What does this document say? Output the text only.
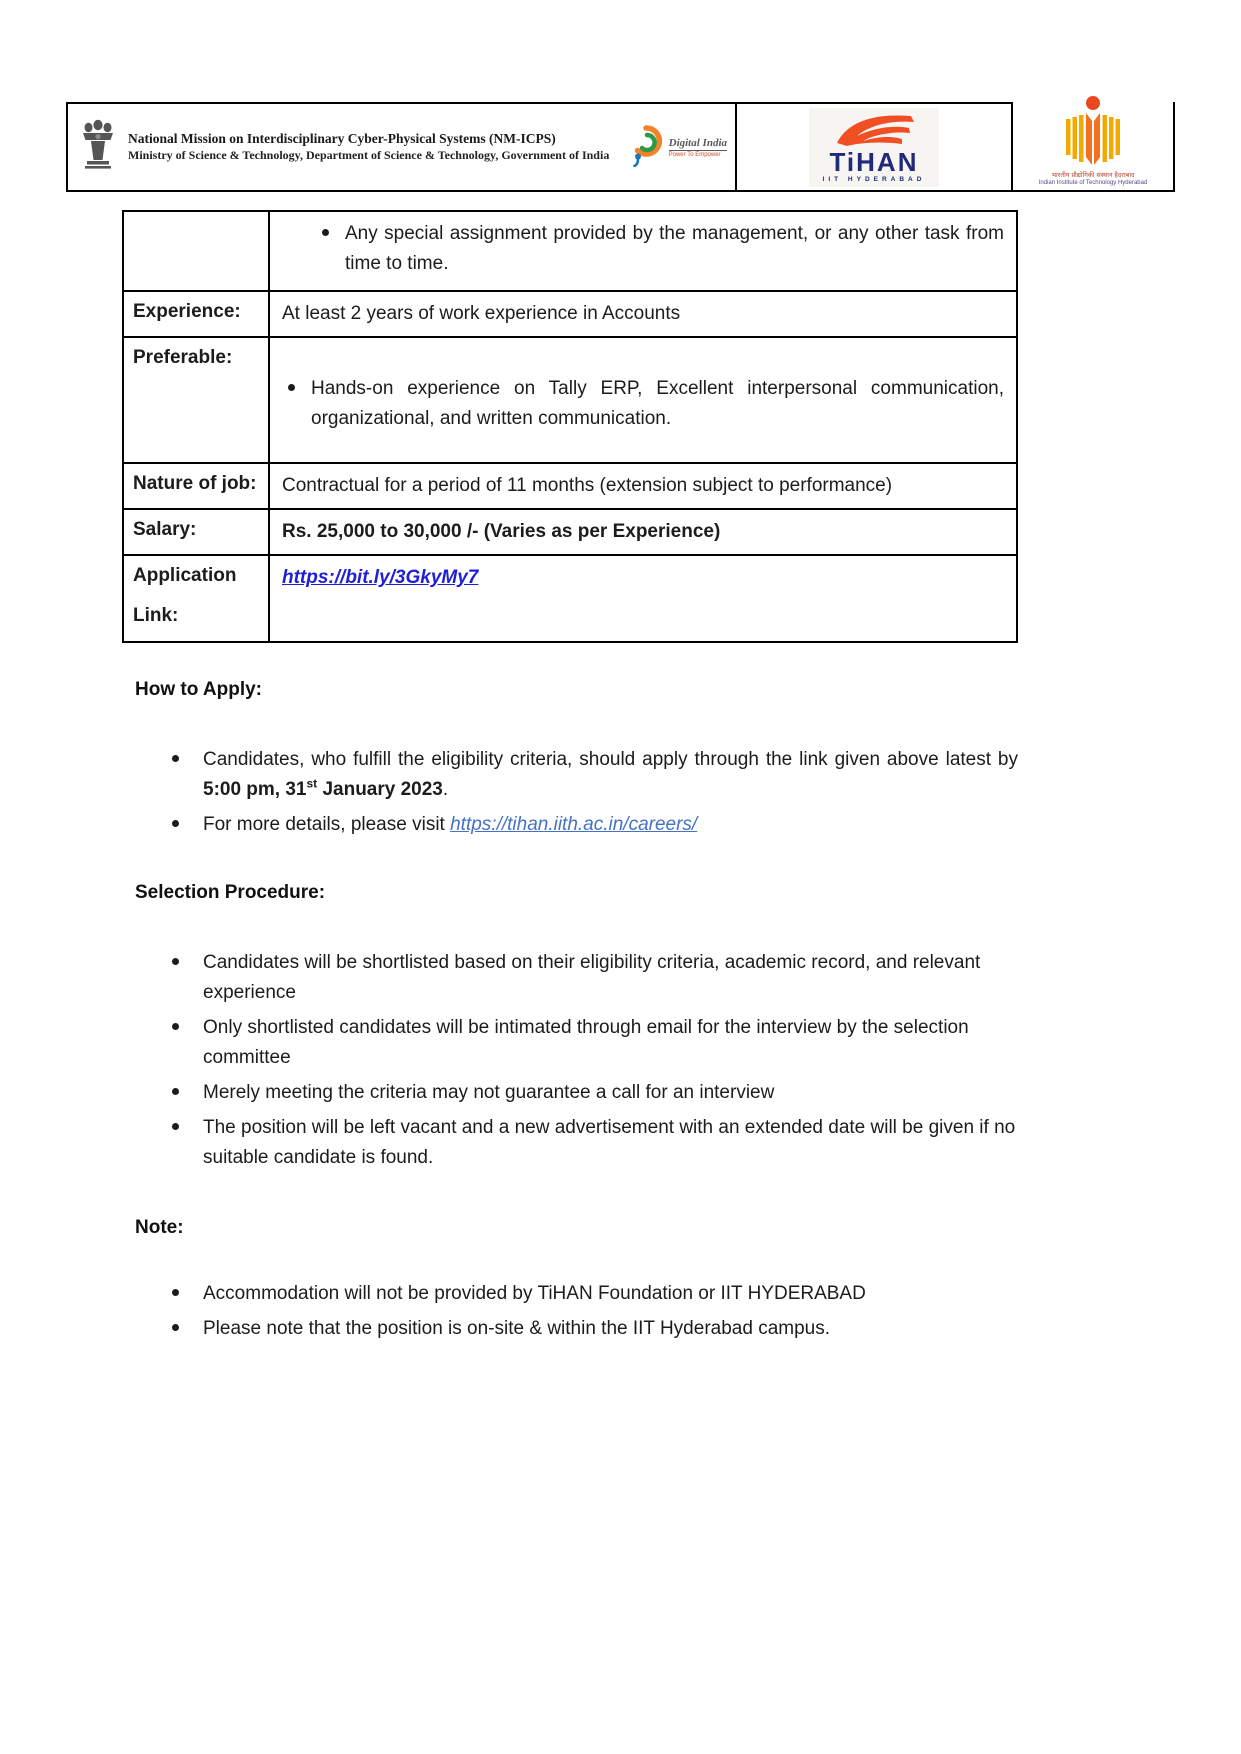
National Mission on Interdisciplinary Cyber-Physical Systems (NM-ICPS)
Ministry of Science & Technology, Department of Science & Technology, Government of India
Digital India
Power To Empower	TiHAN
IIT HYDERABAD	भारतीय प्रौद्योगिकी संस्थान हैदराबाद
Indian Institute of Technology Hyderabad

	Any special assignment provided by the management, or any other task from time to time.

Experience:	At least 2 years of work experience in Accounts
Preferable:	Hands-on experience on Tally ERP, Excellent interpersonal communication, organizational, and written communication.

Nature of job:	Contractual for a period of 11 months (extension subject to performance)
Salary:	Rs. 25,000 to 30,000 /- (Varies as per Experience)

Application
Link:	https://bit.ly/3GkyMy7
How to Apply:
Candidates, who fulfill the eligibility criteria, should apply through the link given above latest by 5:00 pm, 31st January 2023.
For more details, please visit https://tihan.iith.ac.in/careers/
Selection Procedure:
Candidates will be shortlisted based on their eligibility criteria, academic record, and relevant experience
Only shortlisted candidates will be intimated through email for the interview by the selection committee
Merely meeting the criteria may not guarantee a call for an interview
The position will be left vacant and a new advertisement with an extended date will be given if no suitable candidate is found.
Note:
Accommodation will not be provided by TiHAN Foundation or IIT HYDERABAD
Please note that the position is on-site & within the IIT Hyderabad campus.
